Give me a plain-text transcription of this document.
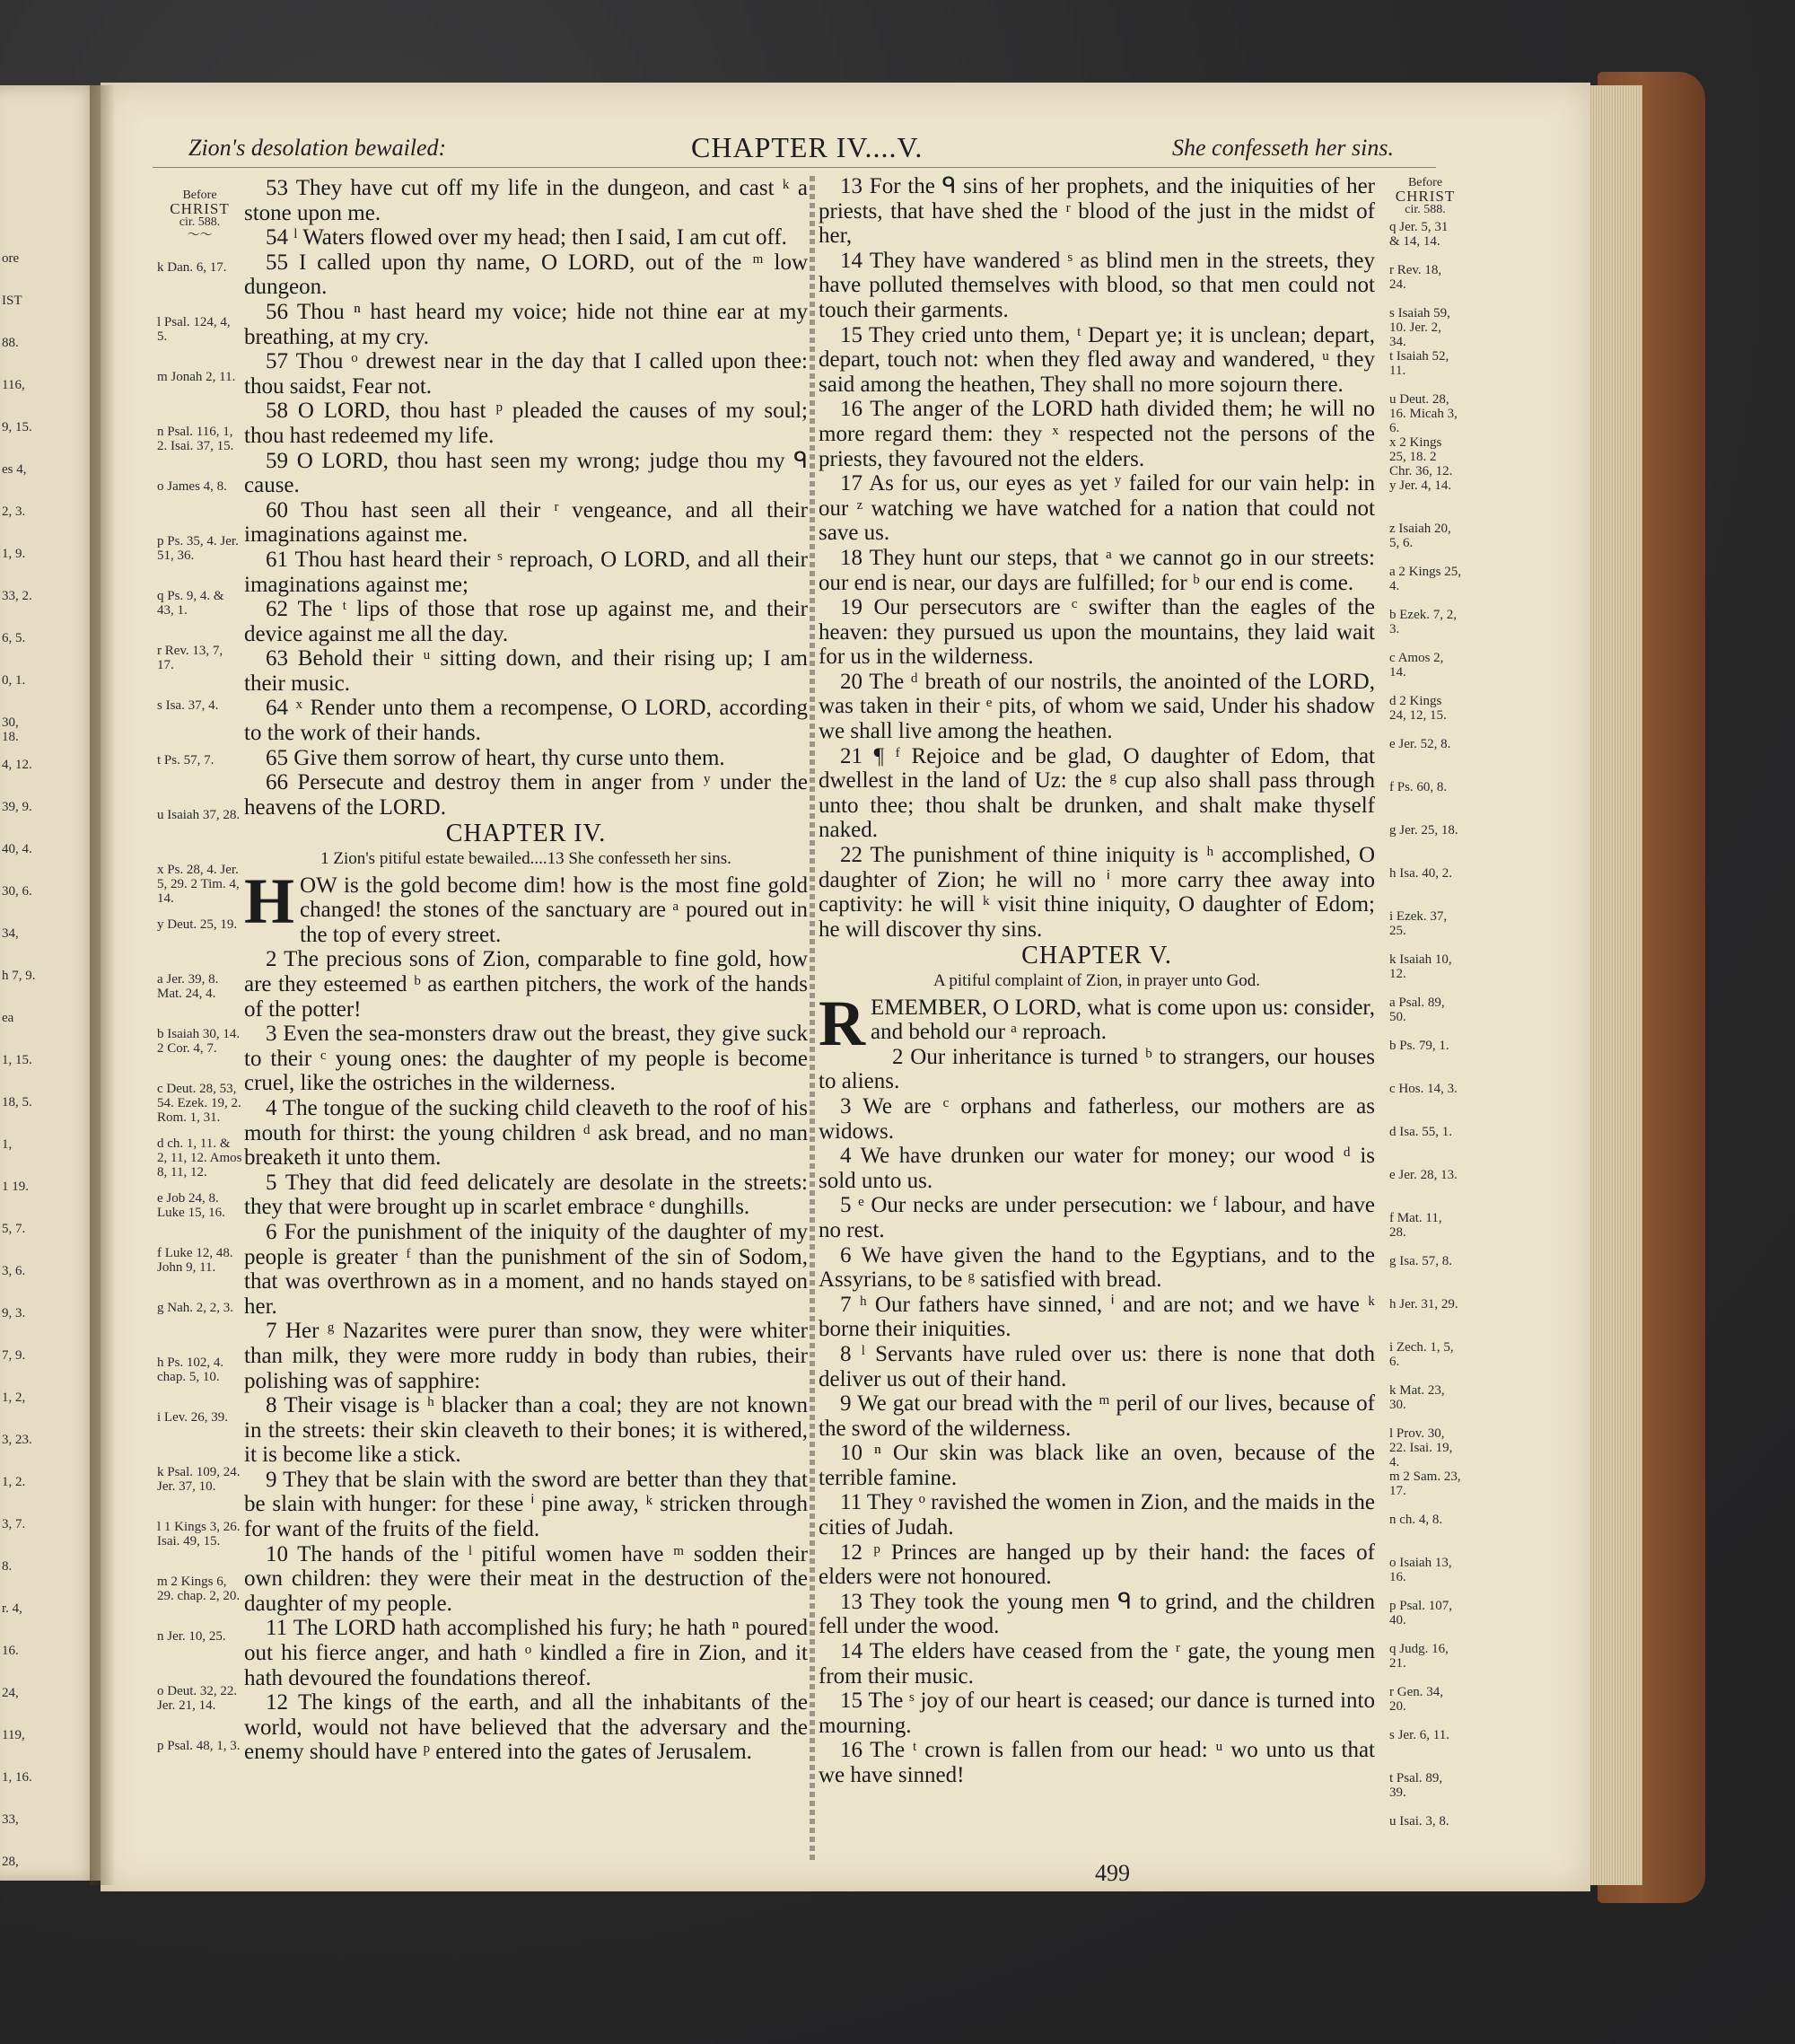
ore
IST
88.
116,
9, 15.
es 4,
2, 3.
1, 9.
33, 2.
6, 5.
0, 1.
30, 18.
4, 12.
39, 9.
40, 4.
30, 6.
34,
h 7, 9.
ea
1, 15.
18, 5.
1,
1 19.
5, 7.
3, 6.
9, 3.
7, 9.
1, 2,
3, 23.
1, 2.
3, 7.
8.
r. 4,
16.
24,
119,
1, 16.
33,
28,
5, 7
Zion's desolation bewailed:	CHAPTER IV....V.	She confesseth her sins.
Before
CHRIST
cir. 588.
〜〜
k Dan. 6, 17.
l Psal. 124, 4, 5.
m Jonah 2, 11.
n Psal. 116, 1, 2. Isai. 37, 15.
o James 4, 8.
p Ps. 35, 4. Jer. 51, 36.
q Ps. 9, 4. & 43, 1.
r Rev. 13, 7, 17.
s Isa. 37, 4.
t Ps. 57, 7.
u Isaiah 37, 28.
x Ps. 28, 4. Jer. 5, 29. 2 Tim. 4, 14.
y Deut. 25, 19.
a Jer. 39, 8. Mat. 24, 4.
b Isaiah 30, 14. 2 Cor. 4, 7.
c Deut. 28, 53, 54. Ezek. 19, 2. Rom. 1, 31.
d ch. 1, 11. & 2, 11, 12. Amos 8, 11, 12.
e Job 24, 8. Luke 15, 16.
f Luke 12, 48. John 9, 11.
g Nah. 2, 2, 3.
h Ps. 102, 4. chap. 5, 10.
i Lev. 26, 39.
k Psal. 109, 24. Jer. 37, 10.
l 1 Kings 3, 26. Isai. 49, 15.
m 2 Kings 6, 29. chap. 2, 20.
n Jer. 10, 25.
o Deut. 32, 22. Jer. 21, 14.
p Psal. 48, 1, 3.

53 They have cut off my life in the dungeon, and cast ᵏ a stone upon me.

54 ˡ Waters flowed over my head; then I said, I am cut off.

55 I called upon thy name, O LORD, out of the ᵐ low dungeon.

56 Thou ⁿ hast heard my voice; hide not thine ear at my breathing, at my cry.

57 Thou ᵒ drewest near in the day that I called upon thee: thou saidst, Fear not.

58 O LORD, thou hast ᵖ pleaded the causes of my soul; thou hast redeemed my life.

59 O LORD, thou hast seen my wrong; judge thou my ᑫ cause.

60 Thou hast seen all their ʳ vengeance, and all their imaginations against me.

61 Thou hast heard their ˢ reproach, O LORD, and all their imaginations against me;

62 The ᵗ lips of those that rose up against me, and their device against me all the day.

63 Behold their ᵘ sitting down, and their rising up; I am their music.

64 ˣ Render unto them a recompense, O LORD, according to the work of their hands.

65 Give them sorrow of heart, thy curse unto them.

66 Persecute and destroy them in anger from ʸ under the heavens of the LORD.

CHAPTER IV.
1 Zion's pitiful estate bewailed....13 She confesseth her sins.

HOW is the gold become dim! how is the most fine gold changed! the stones of the sanctuary are ᵃ poured out in the top of every street.

2 The precious sons of Zion, comparable to fine gold, how are they esteemed ᵇ as earthen pitchers, the work of the hands of the potter!

3 Even the sea-monsters draw out the breast, they give suck to their ᶜ young ones: the daughter of my people is become cruel, like the ostriches in the wilderness.

4 The tongue of the sucking child cleaveth to the roof of his mouth for thirst: the young children ᵈ ask bread, and no man breaketh it unto them.

5 They that did feed delicately are desolate in the streets: they that were brought up in scarlet embrace ᵉ dunghills.

6 For the punishment of the iniquity of the daughter of my people is greater ᶠ than the punishment of the sin of Sodom, that was overthrown as in a moment, and no hands stayed on her.

7 Her ᵍ Nazarites were purer than snow, they were whiter than milk, they were more ruddy in body than rubies, their polishing was of sapphire:

8 Their visage is ʰ blacker than a coal; they are not known in the streets: their skin cleaveth to their bones; it is withered, it is become like a stick.

9 They that be slain with the sword are better than they that be slain with hunger: for these ⁱ pine away, ᵏ stricken through for want of the fruits of the field.

10 The hands of the ˡ pitiful women have ᵐ sodden their own children: they were their meat in the destruction of the daughter of my people.

11 The LORD hath accomplished his fury; he hath ⁿ poured out his fierce anger, and hath ᵒ kindled a fire in Zion, and it hath devoured the foundations thereof.

12 The kings of the earth, and all the inhabitants of the world, would not have believed that the adversary and the enemy should have ᵖ entered into the gates of Jerusalem.

13 For the ᑫ sins of her prophets, and the iniquities of her priests, that have shed the ʳ blood of the just in the midst of her,

14 They have wandered ˢ as blind men in the streets, they have polluted themselves with blood, so that men could not touch their garments.

15 They cried unto them, ᵗ Depart ye; it is unclean; depart, depart, touch not: when they fled away and wandered, ᵘ they said among the heathen, They shall no more sojourn there.

16 The anger of the LORD hath divided them; he will no more regard them: they ˣ respected not the persons of the priests, they favoured not the elders.

17 As for us, our eyes as yet ʸ failed for our vain help: in our ᶻ watching we have watched for a nation that could not save us.

18 They hunt our steps, that ᵃ we cannot go in our streets: our end is near, our days are fulfilled; for ᵇ our end is come.

19 Our persecutors are ᶜ swifter than the eagles of the heaven: they pursued us upon the mountains, they laid wait for us in the wilderness.

20 The ᵈ breath of our nostrils, the anointed of the LORD, was taken in their ᵉ pits, of whom we said, Under his shadow we shall live among the heathen.

21 ¶ ᶠ Rejoice and be glad, O daughter of Edom, that dwellest in the land of Uz: the ᵍ cup also shall pass through unto thee; thou shalt be drunken, and shalt make thyself naked.

22 The punishment of thine iniquity is ʰ accomplished, O daughter of Zion; he will no ⁱ more carry thee away into captivity: he will ᵏ visit thine iniquity, O daughter of Edom; he will discover thy sins.

CHAPTER V.
A pitiful complaint of Zion, in prayer unto God.

REMEMBER, O LORD, what is come upon us: consider, and behold our ᵃ reproach.

2 Our inheritance is turned ᵇ to strangers, our houses to aliens.

3 We are ᶜ orphans and fatherless, our mothers are as widows.

4 We have drunken our water for money; our wood ᵈ is sold unto us.

5 ᵉ Our necks are under persecution: we ᶠ labour, and have no rest.

6 We have given the hand to the Egyptians, and to the Assyrians, to be ᵍ satisfied with bread.

7 ʰ Our fathers have sinned, ⁱ and are not; and we have ᵏ borne their iniquities.

8 ˡ Servants have ruled over us: there is none that doth deliver us out of their hand.

9 We gat our bread with the ᵐ peril of our lives, because of the sword of the wilderness.

10 ⁿ Our skin was black like an oven, because of the terrible famine.

11 They ᵒ ravished the women in Zion, and the maids in the cities of Judah.

12 ᵖ Princes are hanged up by their hand: the faces of elders were not honoured.

13 They took the young men ᑫ to grind, and the children fell under the wood.

14 The elders have ceased from the ʳ gate, the young men from their music.

15 The ˢ joy of our heart is ceased; our dance is turned into mourning.

16 The ᵗ crown is fallen from our head: ᵘ wo unto us that we have sinned!

Before
CHRIST
cir. 588.
q Jer. 5, 31 & 14, 14.
r Rev. 18, 24.
s Isaiah 59, 10. Jer. 2, 34.
t Isaiah 52, 11.
u Deut. 28, 16. Micah 3, 6.
x 2 Kings 25, 18. 2 Chr. 36, 12.
y Jer. 4, 14.
z Isaiah 20, 5, 6.
a 2 Kings 25, 4.
b Ezek. 7, 2, 3.
c Amos 2, 14.
d 2 Kings 24, 12, 15.
e Jer. 52, 8.
f Ps. 60, 8.
g Jer. 25, 18.
h Isa. 40, 2.
i Ezek. 37, 25.
k Isaiah 10, 12.
a Psal. 89, 50.
b Ps. 79, 1.
c Hos. 14, 3.
d Isa. 55, 1.
e Jer. 28, 13.
f Mat. 11, 28.
g Isa. 57, 8.
h Jer. 31, 29.
i Zech. 1, 5, 6.
k Mat. 23, 30.
l Prov. 30, 22. Isai. 19, 4.
m 2 Sam. 23, 17.
n ch. 4, 8.
o Isaiah 13, 16.
p Psal. 107, 40.
q Judg. 16, 21.
r Gen. 34, 20.
s Jer. 6, 11.
t Psal. 89, 39.
u Isai. 3, 8.
499
